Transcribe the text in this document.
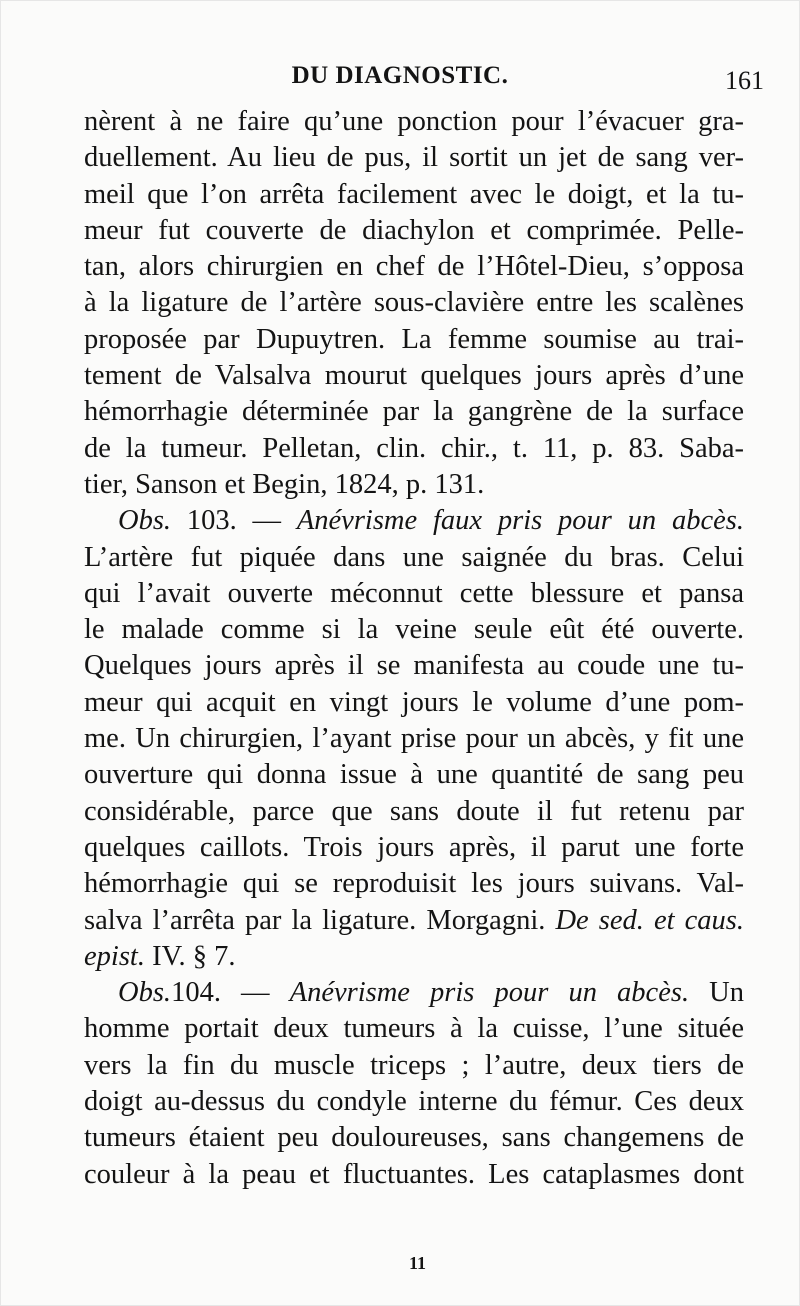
DU DIAGNOSTIC.	161
nèrent à ne faire qu’une ponction pour l’évacuer gra-
duellement. Au lieu de pus, il sortit un jet de sang ver-
meil que l’on arrêta facilement avec le doigt, et la tu-
meur fut couverte de diachylon et comprimée. Pelle-
tan, alors chirurgien en chef de l’Hôtel-Dieu, s’opposa
à la ligature de l’artère sous-clavière entre les scalènes
proposée par Dupuytren. La femme soumise au trai-
tement de Valsalva mourut quelques jours après d’une
hémorrhagie déterminée par la gangrène de la surface
de la tumeur. Pelletan, clin. chir., t. 11, p. 83. Saba-
tier, Sanson et Begin, 1824, p. 131.
Obs. 103. — Anévrisme faux pris pour un abcès.
L’artère fut piquée dans une saignée du bras. Celui
qui l’avait ouverte méconnut cette blessure et pansa
le malade comme si la veine seule eût été ouverte.
Quelques jours après il se manifesta au coude une tu-
meur qui acquit en vingt jours le volume d’une pom-
me. Un chirurgien, l’ayant prise pour un abcès, y fit une
ouverture qui donna issue à une quantité de sang peu
considérable, parce que sans doute il fut retenu par
quelques caillots. Trois jours après, il parut une forte
hémorrhagie qui se reproduisit les jours suivans. Val-
salva l’arrêta par la ligature. Morgagni. De sed. et caus.
epist. IV. § 7.
Obs.104. — Anévrisme pris pour un abcès. Un
homme portait deux tumeurs à la cuisse, l’une située
vers la fin du muscle triceps ; l’autre, deux tiers de
doigt au-dessus du condyle interne du fémur. Ces deux
tumeurs étaient peu douloureuses, sans changemens de
couleur à la peau et fluctuantes. Les cataplasmes dont
11
